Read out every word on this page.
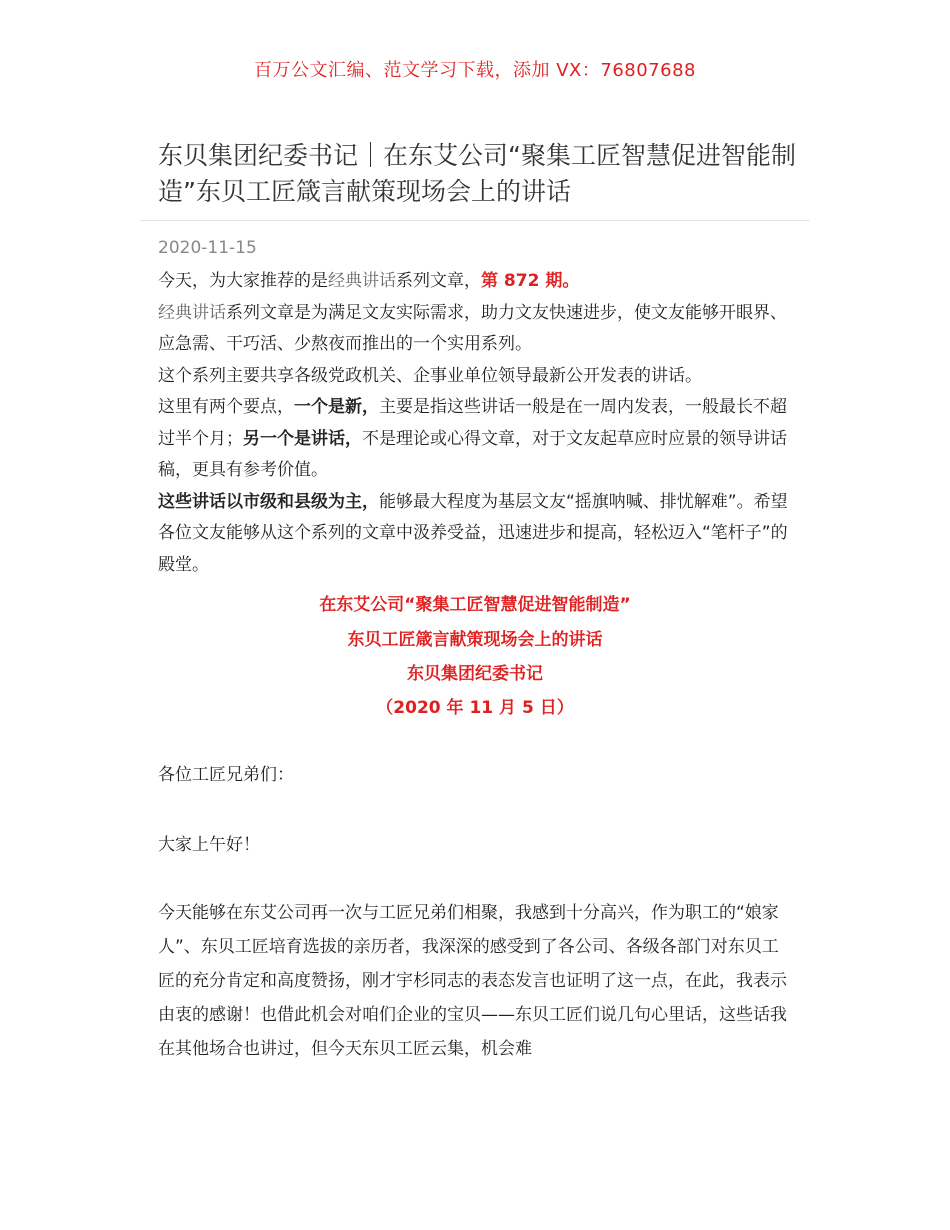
百万公文汇编、范文学习下载，添加 VX：76807688
东贝集团纪委书记｜在东艾公司“聚集工匠智慧促进智能制造”东贝工匠箴言献策现场会上的讲话
2020-11-15

今天，为大家推荐的是经典讲话系列文章，第 872 期。

经典讲话系列文章是为满足文友实际需求，助力文友快速进步，使文友能够开眼界、应急需、干巧活、少熬夜而推出的一个实用系列。

这个系列主要共享各级党政机关、企事业单位领导最新公开发表的讲话。

这里有两个要点，一个是新，主要是指这些讲话一般是在一周内发表，一般最长不超过半个月；另一个是讲话，不是理论或心得文章，对于文友起草应时应景的领导讲话稿，更具有参考价值。

这些讲话以市级和县级为主，能够最大程度为基层文友“摇旗呐喊、排忧解难”。希望各位文友能够从这个系列的文章中汲养受益，迅速进步和提高，轻松迈入“笔杆子”的殿堂。

在东艾公司“聚集工匠智慧促进智能制造”
东贝工匠箴言献策现场会上的讲话
东贝集团纪委书记
（2020 年 11 月 5 日）

各位工匠兄弟们：

大家上午好！

今天能够在东艾公司再一次与工匠兄弟们相聚，我感到十分高兴，作为职工的“娘家人”、东贝工匠培育选拔的亲历者，我深深的感受到了各公司、各级各部门对东贝工匠的充分肯定和高度赞扬，刚才宇杉同志的表态发言也证明了这一点，在此，我表示由衷的感谢！也借此机会对咱们企业的宝贝——东贝工匠们说几句心里话，这些话我在其他场合也讲过，但今天东贝工匠云集，机会难
